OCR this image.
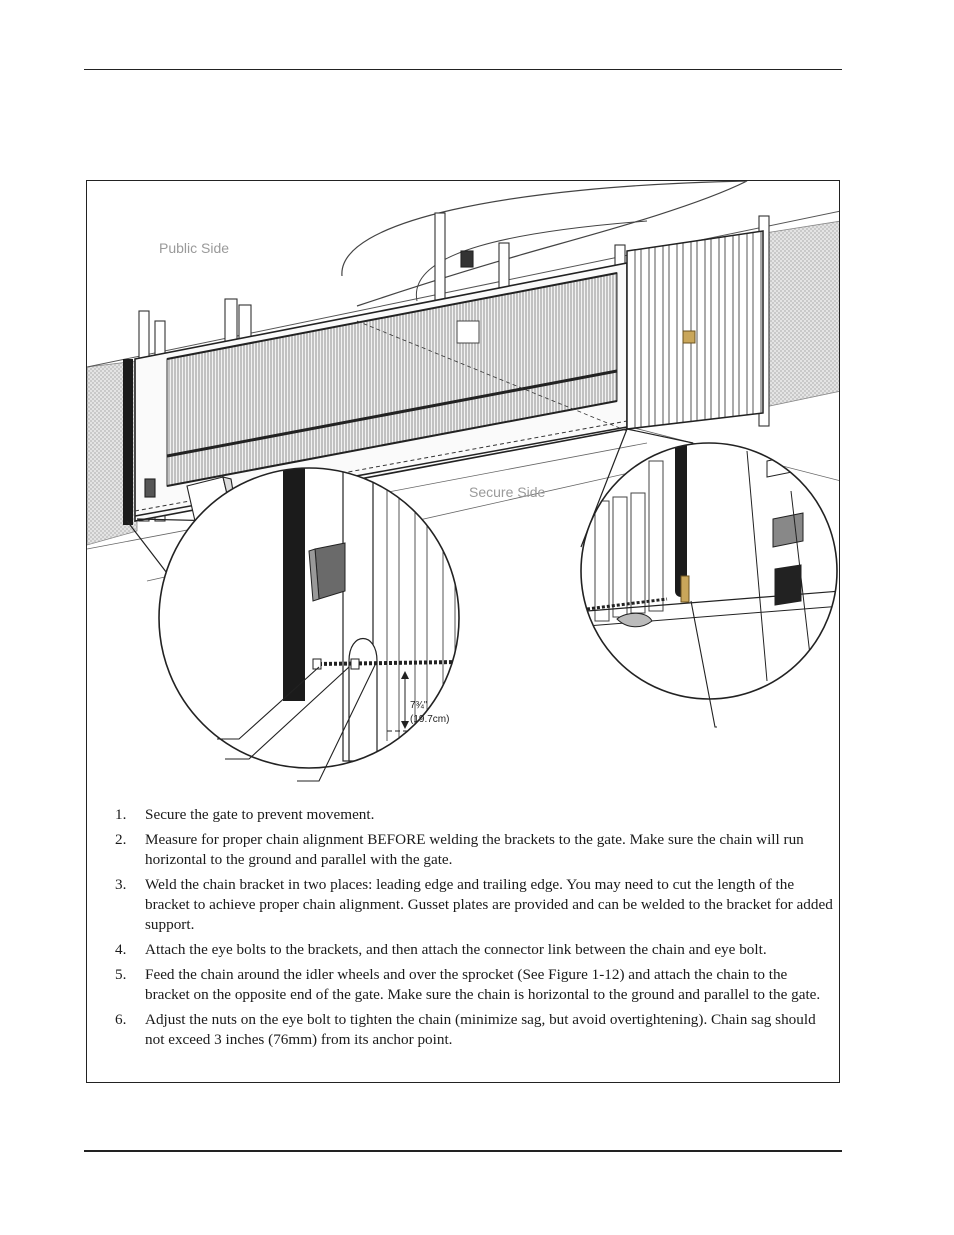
Public Side
Secure Side
7¾"
(19.7cm)
1. Secure the gate to prevent movement.
2. Measure for proper chain alignment BEFORE welding the brackets to the gate. Make sure the chain will run horizontal to the ground and parallel with the gate.
3. Weld the chain bracket in two places: leading edge and trailing edge. You may need to cut the length of the bracket to achieve proper chain alignment. Gusset plates are provided and can be welded to the bracket for added support.
4. Attach the eye bolts to the brackets, and then attach the connector link between the chain and eye bolt.
5. Feed the chain around the idler wheels and over the sprocket (See Figure 1-12) and attach the chain to the bracket on the opposite end of the gate. Make sure the chain is horizontal to the ground and parallel to the gate.
6. Adjust the nuts on the eye bolt to tighten the chain (minimize sag, but avoid overtightening). Chain sag should not exceed 3 inches (76mm) from its anchor point.
